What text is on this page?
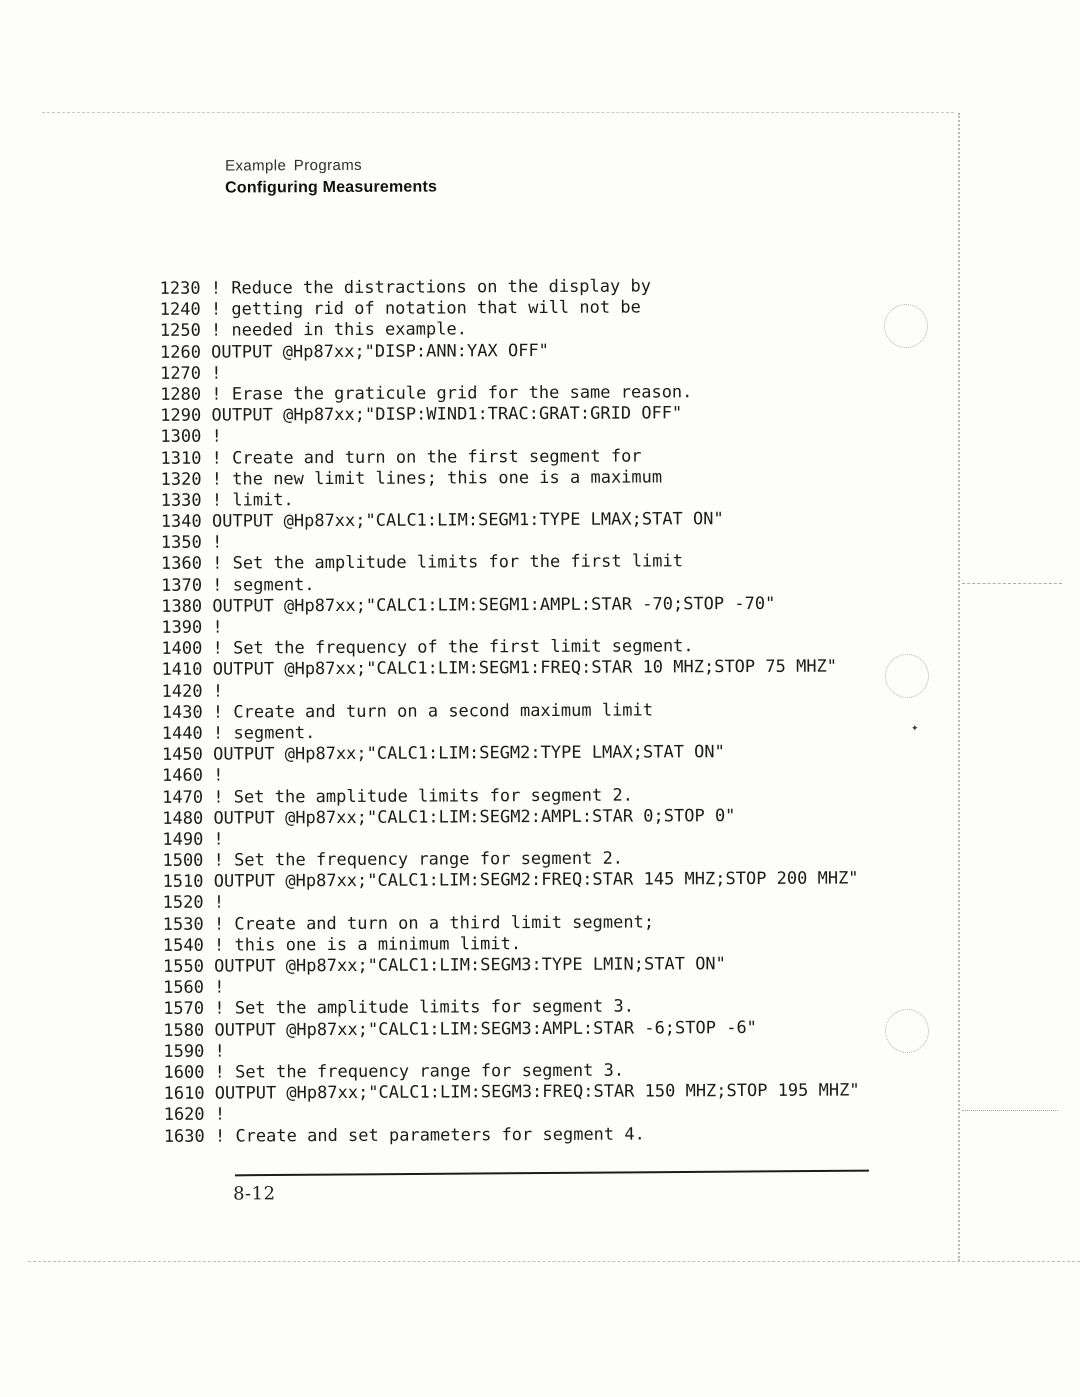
✦
Example Programs
Configuring Measurements
1230 ! Reduce the distractions on the display by
1240 ! getting rid of notation that will not be
1250 ! needed in this example.
1260 OUTPUT @Hp87xx;"DISP:ANN:YAX OFF"
1270 !
1280 ! Erase the graticule grid for the same reason.
1290 OUTPUT @Hp87xx;"DISP:WIND1:TRAC:GRAT:GRID OFF"
1300 !
1310 ! Create and turn on the first segment for
1320 ! the new limit lines; this one is a maximum
1330 ! limit.
1340 OUTPUT @Hp87xx;"CALC1:LIM:SEGM1:TYPE LMAX;STAT ON"
1350 !
1360 ! Set the amplitude limits for the first limit
1370 ! segment.
1380 OUTPUT @Hp87xx;"CALC1:LIM:SEGM1:AMPL:STAR -70;STOP -70"
1390 !
1400 ! Set the frequency of the first limit segment.
1410 OUTPUT @Hp87xx;"CALC1:LIM:SEGM1:FREQ:STAR 10 MHZ;STOP 75 MHZ"
1420 !
1430 ! Create and turn on a second maximum limit
1440 ! segment.
1450 OUTPUT @Hp87xx;"CALC1:LIM:SEGM2:TYPE LMAX;STAT ON"
1460 !
1470 ! Set the amplitude limits for segment 2.
1480 OUTPUT @Hp87xx;"CALC1:LIM:SEGM2:AMPL:STAR 0;STOP 0"
1490 !
1500 ! Set the frequency range for segment 2.
1510 OUTPUT @Hp87xx;"CALC1:LIM:SEGM2:FREQ:STAR 145 MHZ;STOP 200 MHZ"
1520 !
1530 ! Create and turn on a third limit segment;
1540 ! this one is a minimum limit.
1550 OUTPUT @Hp87xx;"CALC1:LIM:SEGM3:TYPE LMIN;STAT ON"
1560 !
1570 ! Set the amplitude limits for segment 3.
1580 OUTPUT @Hp87xx;"CALC1:LIM:SEGM3:AMPL:STAR -6;STOP -6"
1590 !
1600 ! Set the frequency range for segment 3.
1610 OUTPUT @Hp87xx;"CALC1:LIM:SEGM3:FREQ:STAR 150 MHZ;STOP 195 MHZ"
1620 !
1630 ! Create and set parameters for segment 4.
8-12
